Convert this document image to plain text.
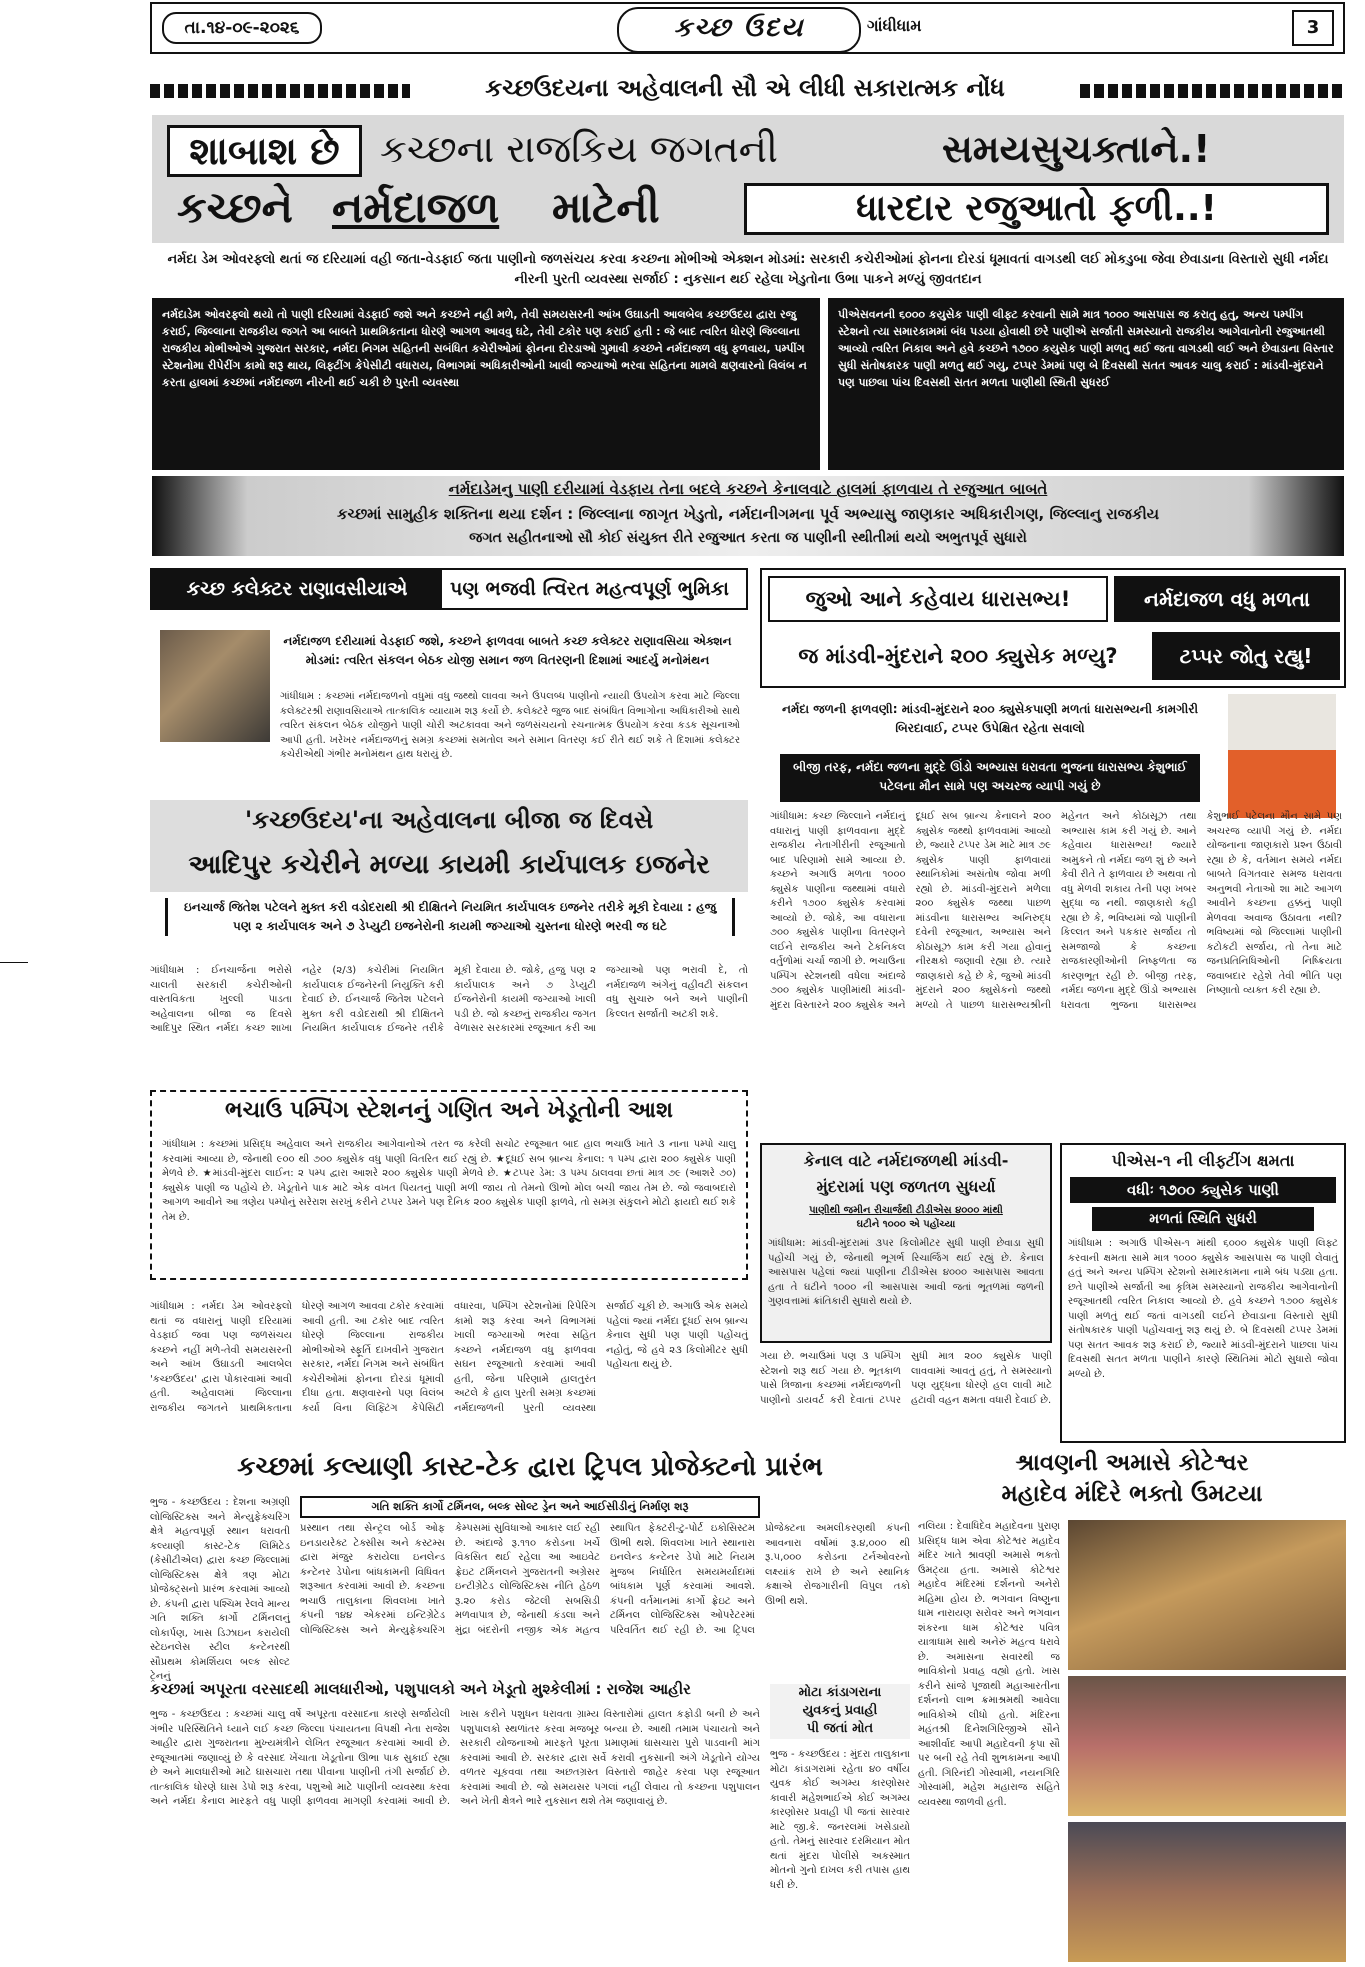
તા.૧૪-૦૯-૨૦૨૬	કચ્છ ઉદય	ગાંધીધામ	3
કચ્છઉદયના અહેવાલની સૌ એ લીધી સકારાત્મક નોંધ
શાબાશ છે	કચ્છના રાજકિય જગતની	સમયસુચક્તાને.!
કચ્છને નર્મદાજળ માટેની	ધારદાર રજુઆતો ફળી..!
નર્મદા ડેમ ઓવરફ્લો થતાં જ દરિયામાં વહી જતા-વેડફાઈ જતા પાણીનો જળસંચય કરવા કચ્છના મોભીઓ એક્શન મોડમાં: સરકારી કચેરીઓમાં ફોનના દોરડાં ધૂમાવતાં વાગડથી લઈ મોકડુબા જેવા છેવાડાના વિસ્તારો સુધી નર્મદા નીરની પુરતી વ્યવસ્થા સર્જાઈ : નુકસાન થઈ રહેલા ખેડુતોના ઉભા પાકને મળ્યું જીવતદાન
નર્મદાડેમ ઓવરફ્લો થયો તો પાણી દરિયામાં વેડફાઈ જશે અને કચ્છને નહી મળે, તેવી સમયસરની આંખ ઉઘાડતી આલબેલ કચ્છઉદય દ્વારા રજુ કરાઈ, જિલ્લાના રાજકીય જગતે આ બાબતે પ્રાથમિકતાના ધોરણે આગળ આવવુ ઘટે, તેવી ટકોર પણ કરાઈ હતી : જે બાદ ત્વરિત ધોરણે જિલ્લાના રાજકીય મોભીઓએ ગુજરાત સરકાર, નર્મદા નિગમ સહિતની સબંધિત કચેરીઓમાં ફોનના દોરડાઓ ગુમાવી કચ્છને નર્મદાજળ વધુ ફળવાય, પમ્પીંગ સ્ટેશનોમા રીપેરીંગ કામો શરૂ થાય, લિફ્ટીંગ કેપેસીટી વધારાય, વિભાગમાં અધિકારીઓની ખાલી જગ્યાઓ ભરવા સહિતના મામલે ક્ષણવારનો વિલંબ ન કરતા હાલમાં કચ્છમાં નર્મદાજળ નીરની થઈ ચકી છે પુરતી વ્યવસ્થા
પીએસવનની ૬૦૦૦ કયુસેક પાણી લીફ્ટ કરવાની સામે માત્ર ૧૦૦૦ આસપાસ જ કરાતુ હતુ, અન્ય પમ્પીંગ સ્ટેશનો ત્યા સમારકામમાં બંધ પડયા હોવાથી છરે પાણીએ સર્જાતી સમસ્યાનો રાજકીય આગેવાનોની રજુઆતથી આવ્યો ત્વરિત નિકાલ અને હવે કચ્છને ૧૭૦૦ કયુસેક પાણી મળતુ થઈ જતા વાગડથી લઈ અને છેવાડાના વિસ્તાર સુધી સંતોષકારક પાણી મળતુ થઈ ગયુ, ટપ્પર ડેમમાં પણ બે દિવસથી સતત આવક ચાલુ કરાઈ : માંડવી-મુંદરાને પણ પાછલા પાંચ દિવસથી સતત મળતા પાણીથી સ્થિતી સુધરઈ
નર્મદાડેમનુ પાણી દરીયામાં વેડફાય તેના બદલે કચ્છને કેનાલવાટે હાલમાં ફાળવાય તે રજુઆત બાબતે
કચ્છમાં સામુહીક શક્તિના થયા દર્શન : જિલ્લાના જાગૃત ખેડુતો, નર્મદાનીગમના પૂર્વ અભ્યાસુ જાણકાર અધિકારીગણ, જિલ્લાનુ રાજકીય
જગત સહીતનાઓ સૌ કોઈ સંયુક્ત રીતે રજુઆત કરતા જ પાણીની સ્થીતીમાં થયો અભુતપૂર્વ સુધારો
કચ્છ કલેક્ટર રાણાવસીયાએ	પણ ભજવી ત્વિરત મહત્વપૂર્ણ ભુમિકા
નર્મદાજળ દરીયામાં વેડફાઈ જશે, કચ્છને ફાળવવા બાબતે કચ્છ કલેક્ટર રાણાવસિયા એક્શન મોડમાં: ત્વરિત સંકલન બેઠક યોજી સમાન જળ વિતરણની દિશામાં આદર્યુ મનોમંથન
ગાંધીધામ : કચ્છમાં નર્મદાજળનો વધુમાં વધુ જથ્થો લાવવા અને ઉપલબ્ધ પાણીનો ન્યાયી ઉપયોગ કરવા માટે જિલ્લા કલેક્ટરશ્રી રાણાવસિયાએ તાત્કાલિક વ્યાયામ શરૂ કર્યો છે. કલેક્ટરે જુજ બાદ સંબંધિત વિભાગોના અધિકારીઓ સાથે ત્વરિત સંકલન બેઠક યોજીને પાણી ચોરી અટકાવવા અને જળસંચયનો રચનાત્મક ઉપયોગ કરવા કડક સૂચનાઓ આપી હતી. ખરેખર નર્મદાજળનું સમગ્ર કચ્છમાં સમતોલ અને સમાન વિતરણ કઈ રીતે થઈ શકે તે દિશામાં કલેક્ટર કચેરીએથી ગંભીર મનોમંથન હાથ ધરાયું છે.
'કચ્છઉદય'ના અહેવાલના બીજા જ દિવસે
આદિપુર કચેરીને મળ્યા કાયમી કાર્યપાલક ઇજનેર
ઇનચાર્જ જિતેશ પટેલને મુક્ત કરી વડોદરાથી શ્રી દીક્ષિતને નિયમિત કાર્યપાલક ઇજનેર તરીકે મૂકી દેવાયા : હજુ પણ ૨ કાર્યપાલક અને ૭ ડેપ્યુટી ઇજનેરોની કાયમી જગ્યાઓ ચુસ્તના ધોરણે ભરવી જ ઘટે
ગાંધીધામ : ઈનચાર્જના ભરોસે ચાલતી સરકારી કચેરીઓની વાસ્તવિકતા ખુલ્લી પાડતા અહેવાલના બીજા જ દિવસે આદિપુર સ્થિત નર્મદા કચ્છ શાખા નહેર (૨/૩) કચેરીમાં નિયમિત કાર્યપાલક ઈજનેરની નિયુક્તિ કરી દેવાઈ છે. ઈનચાર્જ જિતેશ પટેલને મુક્ત કરી વડોદરાથી શ્રી દીક્ષિતને નિયમિત કાર્યપાલક ઈજનેર તરીકે મૂકી દેવાયા છે. જોકે, હજુ પણ ૨ કાર્યપાલક અને ૭ ડેપ્યુટી ઈજનેરોની કાયમી જગ્યાઓ ખાલી પડી છે. જો કચ્છનું રાજકીય જગત વેળાસર સરકારમાં રજૂઆત કરી આ જગ્યાઓ પણ ભરાવી દે, તો નર્મદાજળ અંગેનું વહીવટી સંકલન વધુ સુચારુ બને અને પાણીની કિલ્લત સર્જાતી અટકી શકે.
ભચાઉ પમ્પિંગ સ્ટેશનનું ગણિત અને ખેડૂતોની આશ
ગાંધીધામ : કચ્છમાં પ્રસિદ્ધ અહેવાલ અને રાજકીય આગેવાનોએ તરત જ કરેલી સચોટ રજૂઆત બાદ હાલ ભચાઉ ખાતે ૩ નાના પમ્પો ચાલુ કરવામાં આવ્યા છે, જેનાથી ૯૦૦ થી ૭૦૦ ક્યુસેક વધુ પાણી વિતરિત થઈ રહ્યું છે. ★દૂધઈ સબ બ્રાન્ચ કેનાલ: ૧ પમ્પ દ્વારા ૨૦૦ ક્યુસેક પાણી મેળવે છે. ★માંડવી-મુંદરા લાઈન: ૨ પમ્પ દ્વારા આશરે ૨૦૦ ક્યુસેક પાણી મેળવે છે. ★ટપ્પર ડેમ: ૩ પમ્પ ઠાલવવા છતાં માત્ર ૭૯ (આશરે ૭૦) ક્યુસેક પાણી જ પહોંચે છે. ખેડૂતોને પાક માટે એક વખત પિયતનું પાણી મળી જાય તો તેમનો ઊભો મોલ બચી જાય તેમ છે. જો જવાબદારો આગળ આવીને આ ત્રણેય પમ્પોનું સરેરાશ સરખું કરીને ટપ્પર ડેમને પણ દૈનિક ૨૦૦ ક્યુસેક પાણી ફાળવે, તો સમગ્ર સંકુલને મોટો ફાયદો થઈ શકે તેમ છે.
ગાંધીધામ : નર્મદા ડેમ ઓવરફ્લો થતાં જ વધારાનું પાણી દરિયામાં વેડફાઈ જવા પણ જળસંચય કચ્છને નહીં મળે-તેવી સમયસરની અને આંખ ઉઘાડતી આલબેલ 'કચ્છઉદય' દ્વારા પોકારવામાં આવી હતી. અહેવાલમાં જિલ્લાના રાજકીય જગતને પ્રાથમિકતાના ધોરણે આગળ આવવા ટકોર કરવામાં આવી હતી. આ ટકોર બાદ ત્વરિત ધોરણે જિલ્લાના રાજકીય મોભીઓએ સ્ફૂર્તિ દાખવીને ગુજરાત સરકાર, નર્મદા નિગમ અને સંબંધિત કચેરીઓમાં ફોનના દોરડાં ધૂમાવી દીધા હતા. ક્ષણવારનો પણ વિલંબ કર્યા વિના લિફ્ટિંગ કેપેસિટી વધારવા, પમ્પિંગ સ્ટેશનોમાં રિપેરિંગ કામો શરૂ કરવા અને વિભાગમાં ખાલી જગ્યાઓ ભરવા સહિત કચ્છને નર્મદાજળ વધુ ફાળવવા સઘન રજૂઆતો કરવામાં આવી હતી, જેના પરિણામે હાલતુરંત અટલે કે હાલ પુરતી સમગ્ર કચ્છમાં નર્મદાજળની પુરતી વ્યવસ્થા સર્જાઈ ચૂકી છે. અગાઉ એક સમયે પહેલાં જ્યાં નર્મદા દૂધઈ સબ બ્રાન્ચ કેનાલ સુધી પણ પાણી પહોંચતું નહોતું, જે હવે ૨૩ કિલોમીટર સુધી પહોંચતા થયું છે.
જુઓ આને કહેવાય ધારાસભ્ય!	નર્મદાજળ વધુ મળતા
જ માંડવી-મુંદરાને ૨૦૦ ક્યુસેક મળ્યુ?	ટપ્પર જોતુ રહ્યુ!
નર્મદા જળની ફાળવણી: માંડવી-મુંદરાને ૨૦૦ ક્યુસેકપાણી મળતાં ધારાસભ્યની કામગીરી બિરદાવાઈ, ટપ્પર ઉપેક્ષિત રહેતા સવાલો
બીજી તરફ, નર્મદા જળના મુદ્દે ઊંડો અભ્યાસ ધરાવતા ભુજના ધારાસભ્ય કેશુભાઈ પટેલના મૌન સામે પણ અચરજ વ્યાપી ગયું છે
ગાંધીધામ: કચ્છ જિલ્લાને નર્મદાનું વધારાનું પાણી ફાળવવાના મુદ્દે રાજકીય નેતાગીરીની રજૂઆતો બાદ પરિણામો સામે આવ્યા છે. કચ્છને અગાઉ મળતા ૧૦૦૦ ક્યુસેક પાણીના જથ્થામાં વધારો કરીને ૧૭૦૦ ક્યુસેક કરવામાં આવ્યો છે. જોકે, આ વધારાના ૭૦૦ ક્યુસેક પાણીના વિતરણને લઈને રાજકીય અને ટેકનિકલ વર્તુળોમાં ચર્ચા જાગી છે. ભચાઉના પમ્પિંગ સ્ટેશનથી વધેલા અંદાજે ૭૦૦ ક્યુસેક પાણીમાંથી માંડવી-મુંદરા વિસ્તારને ૨૦૦ ક્યુસેક અને દૂધઈ સબ બ્રાન્ચ કેનાલને ૨૦૦ ક્યુસેક જથ્થો ફાળવવામાં આવ્યો છે, જ્યારે ટપ્પર ડેમ માટે માત્ર ૭૯ ક્યુસેક પાણી ફાળવાયાં સ્થાનિકોમાં અસંતોષ જોવા મળી રહ્યો છે. માંડવી-મુંદરાને મળેલા ૨૦૦ ક્યુસેક જથ્થા પાછળ માંડવીના ધારાસભ્ય અનિરુદ્ધ દવેની રજૂઆત, અભ્યાસ અને કોઠાસૂઝ કામ કરી ગયા હોવાનું નીરક્ષકો જણાવી રહ્યા છે. ત્યારે જાણકારો કહે છે કે, જુઓ માંડવી મુંદરાને ૨૦૦ ક્યુસેકનો જથ્થો મળ્યો તે પાછળ ધારાસભ્યશ્રીની મહેનત અને કોઠાસૂઝ તથા અભ્યાસ કામ કરી ગયું છે. આને કહેવાય ધારાસભ્ય! જ્યારે અમુકને તો નર્મદા જળ શું છે અને કેવી રીતે તે ફાળવાય છે અથવા તો વધુ મેળવી શકાય તેની પણ ખબર સુદ્ધા જ નથી. જાણકારો કહી રહ્યા છે કે, ભવિષ્યમાં જો પાણીની કિલ્લત અને પકકાર સર્જાય તો સમજાજો કે કચ્છના રાજકારણીઓની નિષ્ફળતા જ કારણભૂત રહી છે. બીજી તરફ, નર્મદા જળના મુદ્દે ઊંડો અભ્યાસ ધરાવતા ભુજના ધારાસભ્ય કેશુભાઈ પટેલના મૌન સામે પણ અચરજ વ્યાપી ગયું છે. નર્મદા યોજનાના જાણકારો પ્રશ્ન ઉઠાવી રહ્યા છે કે, વર્તમાન સમયે નર્મદા બાબતે વિગતવાર સમજ ધરાવતા અનુભવી નેતાઓ શા માટે આગળ આવીને કચ્છના હક્કનું પાણી મેળવવા અવાજ ઉઠાવતા નથી? ભવિષ્યમાં જો જિલ્લામાં પાણીની કટોકટી સર્જાય, તો તેના માટે જનપ્રતિનિધિઓની નિષ્ક્રિયતા જવાબદાર રહેશે તેવી ભીતિ પણ નિષ્ણાતો વ્યક્ત કરી રહ્યા છે.
કેનાલ વાટે નર્મદાજળથી માંડવી-
મુંદરામાં પણ જળતળ સુધર્યા
પાણીથી જમીન રીચાર્જથી ટીડીએસ ૪૦૦૦ માંથી
ઘટીને ૧૦૦૦ એ પહોંચ્યા
ગાંધીધામ: માંડવી-મુંદરામાં ૩૫ર કિલોમીટર સુધી પાણી છેવાડા સુધી પહોંચી ગયું છે, જેનાથી ભૂગર્ભ રિચાર્જિંગ થઈ રહ્યું છે. કેનાલ આસપાસ પહેલાં જ્યાં પાણીના ટીડીએસ ૪૦૦૦ આસપાસ આવતા હતા તે ઘટીને ૧૦૦૦ ની આસપાસ આવી જતાં ભૂતળમાં જળની ગુણવત્તામાં ક્રાંતિકારી સુધારો થયો છે.
પીએસ-૧ ની લીફ્ટીંગ ક્ષમતા
વધીઃ ૧૭૦૦ ક્યુસેક પાણી
મળતાં સ્થિતિ સુધરી
ગાંધીધામ : અગાઉ પીએસ-૧ માંથી ૬૦૦૦ ક્યુસેક પાણી લિફ્ટ કરવાની ક્ષમતા સામે માત્ર ૧૦૦૦ ક્યુસેક આસપાસ જ પાણી લેવાતું હતું અને અન્ય પમ્પિંગ સ્ટેશનો સમારકામના નામે બંધ પડ્યા હતા. છતે પાણીએ સર્જાતી આ કૃત્રિમ સમસ્યાનો રાજકીય આગેવાનોની રજૂઆતથી ત્વરિત નિકાલ આવ્યો છે. હવે કચ્છને ૧૭૦૦ ક્યુસેક પાણી મળતું થઈ જતાં વાગડથી લઈને છેવાડાના વિસ્તારો સુધી સંતોષકારક પાણી પહોંચવાનું શરૂ થયું છે. બે દિવસથી ટપ્પર ડેમમાં પણ સતત આવક શરૂ કરાઈ છે, જ્યારે માંડવી-મુંદરાને પાછલા પાંચ દિવસથી સતત મળતા પાણીને કારણે સ્થિતિમાં મોટો સુધારો જોવા મળ્યો છે.
ગયા છે. ભચાઉમાં પણ ૩ પમ્પિંગ સ્ટેશનો શરૂ થઈ ગયા છે. ભૂતકાળ પાસે ત્રિજાના કચ્છમાં નર્મદાજળની પાણીનો ડાયવર્ટ કરી દેવાતાં ટપ્પર સુધી માત્ર ૨૦૦ ક્યુસેક પાણી લાવવામાં આવતું હતું, તે સમસ્યાનો પણ યુદ્ધના ધોરણે હલ લાવી માટે હટાવી વહન ક્ષમતા વધારી દેવાઈ છે.
કચ્છમાં કલ્યાણી કાસ્ટ-ટેક દ્વારા ટ્રિપલ પ્રોજેક્ટનો પ્રારંભ
ભુજ - કચ્છઉદય : દેશના અગ્રણી લોજિસ્ટિક્સ અને મેન્યુફેક્ચરિંગ ક્ષેત્રે મહત્વપૂર્ણ સ્થાન ધરાવતી કલ્યાણી કાસ્ટ-ટેક લિમિટેડ (કેસીટીએલ) દ્વારા કચ્છ જિલ્લામાં લોજિસ્ટિક્સ ક્ષેત્રે ત્રણ મોટા પ્રોજેક્ટ્સનો પ્રારંભ કરવામાં આવ્યો છે. કંપની દ્વારા પશ્ચિમ રેલવે માન્ય ગતિ શક્તિ કાર્ગો ટર્મિનલનું લોકાર્પણ, ખાસ ડિઝાઇન કરાયેલી સ્ટેઇનલેસ સ્ટીલ કન્ટેનરથી સૌપ્રથમ કોમર્શિયલ બલ્ક સોલ્ટ ટ્રેનનું
ગતિ શક્તિ કાર્ગો ટર્મિનલ, બલ્ક સોલ્ટ ડ્રેન અને આઈસીડીનું નિર્માણ શરૂ
પ્રસ્થાન તથા સેન્ટ્રલ બોર્ડ ઓફ ઇનડાયરેક્ટ ટેક્સીસ અને કસ્ટમ્સ દ્વારા મંજુર કરાયેલા ઇનલેન્ડ કન્ટેનર ડેપોના બાંધકામની વિધિવત શરૂઆત કરવામાં આવી છે. કચ્છના ભચાઉ તાલુકાના શિવલખા ખાતે કંપની ૧૪૪ એકરમાં ઇન્ટિગ્રેટેડ લોજિસ્ટિક્સ અને મેન્યુફેક્ચરિંગ કેમ્પસમાં સુવિધાઓ આકાર લઈ રહી છે. અંદાજે રૂ.૧૧૦ કરોડના ખર્ચે વિકસિત થઈ રહેલા આ આઇવેટ ફ્રેઇટ ટર્મિનલને ગુજરાતની અગ્રેસર ઇન્ટીગ્રેટેડ લોજિસ્ટિક્સ નીતિ હેઠળ રૂ.૨૦ કરોડ જેટલી સબસિડી મળવાપાત્ર છે, જેનાથી કંડલા અને મુંદ્રા બંદરોની નજીક એક મહત્વ સ્થાપિત ફેક્ટરી-ટુ-પોર્ટ ઇકોસિસ્ટમ ઊભી થશે. શિવલખા ખાતે સ્થાનારા ઇનલેન્ડ કન્ટેનર ડેપો માટે નિયમ મુજબ નિર્ધારિત સમયમર્યાદામાં બાંધકામ પૂર્ણ કરવામાં આવશે. કંપની વર્તમાનમાં કાર્ગો ફ્રેઇટ અને ટર્મિનલ લોજિસ્ટિક્સ ઓપરેટરમાં પરિવર્તિત થઈ રહી છે. આ ટ્રિપલ પ્રોજેક્ટના અમલીકરણથી કંપની આવનારા વર્ષોમાં રૂ.૪,૦૦૦ થી રૂ.૫,૦૦૦ કરોડના ટર્નઓવરનો લક્ષ્યાંક રાખે છે અને સ્થાનિક કક્ષાએ રોજગારીની વિપુલ તકો ઊભી થશે.
કચ્છમાં અપૂરતા વરસાદથી માલધારીઓ, પશુપાલકો અને ખેડૂતો મુશ્કેલીમાં : રાજેશ આહીર
ભુજ - કચ્છઉદય : કચ્છમાં ચાલુ વર્ષે અપૂરતા વરસાદના કારણે સર્જાયેલી ગંભીર પરિસ્થિતિને ધ્યાને લઈ કચ્છ જિલ્લા પંચાયતના વિપક્ષી નેતા રાજેશ આહીર દ્વારા ગુજરાતના મુખ્યમંત્રીને લેખિત રજૂઆત કરવામાં આવી છે. રજૂઆતમાં જણાવ્યું છે કે વરસાદ ખેંચાતા ખેડૂતોના ઊભા પાક સુકાઈ રહ્યા છે અને માલધારીઓ માટે ઘાસચારા તથા પીવાના પાણીની તંગી સર્જાઈ છે. તાત્કાલિક ધોરણે ઘાસ ડેપો શરૂ કરવા, પશુઓ માટે પાણીની વ્યવસ્થા કરવા અને નર્મદા કેનાલ મારફતે વધુ પાણી ફાળવવા માગણી કરવામાં આવી છે. ખાસ કરીને પશુધન ધરાવતા ગ્રામ્ય વિસ્તારોમાં હાલત કફોડી બની છે અને પશુપાલકો સ્થળાંતર કરવા મજબૂર બન્યા છે. આથી તમામ પંચાયતો અને સરકારી યોજનાઓ મારફતે પૂરતા પ્રમાણમાં ઘાસચારા પુરો પાડવાની માંગ કરવામાં આવી છે. સરકાર દ્વારા સર્વે કરાવી નુકસાની અંગે ખેડૂતોને યોગ્ય વળતર ચૂકવવા તથા અછતગ્રસ્ત વિસ્તારો જાહેર કરવા પણ રજૂઆત કરવામાં આવી છે. જો સમયસર પગલાં નહીં લેવાય તો કચ્છના પશુપાલન અને ખેતી ક્ષેત્રને ભારે નુકસાન થશે તેમ જણાવાયું છે.
મોટા કાંડાગરાના
યુવકનું પ્રવાહી
પી જતાં મોત
ભુજ - કચ્છઉદય : મુંદરા તાલુકાના મોટા કાંડાગરામાં રહેતા ૪૦ વર્ષીય યુવક કોઈ અગમ્ય કારણોસર કાવારી મહેશભાઈએ કોઈ અગમ્ય કારણોસર પ્રવાહી પી જતાં સારવાર માટે જી.કે. જનરલમાં ખસેડાયો હતો. તેમનું સારવાર દરમિયાન મોત થતાં મુંદરા પોલીસે અકસ્માત મોતનો ગુનો દાખલ કરી તપાસ હાથ ધરી છે.
શ્રાવણની અમાસે કોટેશ્વર
મહાદેવ મંદિરે ભક્તો ઉમટયા
નલિયા : દેવાધિદેવ મહાદેવના પુરાણ પ્રસિદ્ધ ધામ એવા કોટેશ્વર મહાદેવ મંદિર ખાતે શ્રાવણી અમાસે ભક્તો ઉમટ્યા હતા. અમાસે કોટેશ્વર મહાદેવ મંદિરમાં દર્શનનો અનેરો મહિમા હોય છે. ભગવાન વિષ્ણુના ધામ નારાયણ સરોવર અને ભગવાન શંકરના ધામ કોટેશ્વર પવિત્ર યાત્રાધામ સાથે અનેરું મહત્વ ધરાવે છે. અમાસના સવારથી જ ભાવિકોનો પ્રવાહ વહ્યો હતો. ખાસ કરીને સાંજે પૂજાથી મહાઆરતીના દર્શનનો લાભ ક્રમાશ્રમથી આવેલા ભાવિકોએ લીધો હતો. મંદિરના મહંતશ્રી દિનેશગિરિજીએ સૌને આશીર્વાદ આપી મહાદેવની કૃપા સૌ પર બની રહે તેવી શુભકામના આપી હતી. ગિરિનંદી ગોસ્વામી, નયનગિરિ ગોસ્વામી, મહેશ મહારાજ સહિતે વ્યવસ્થા જાળવી હતી.
